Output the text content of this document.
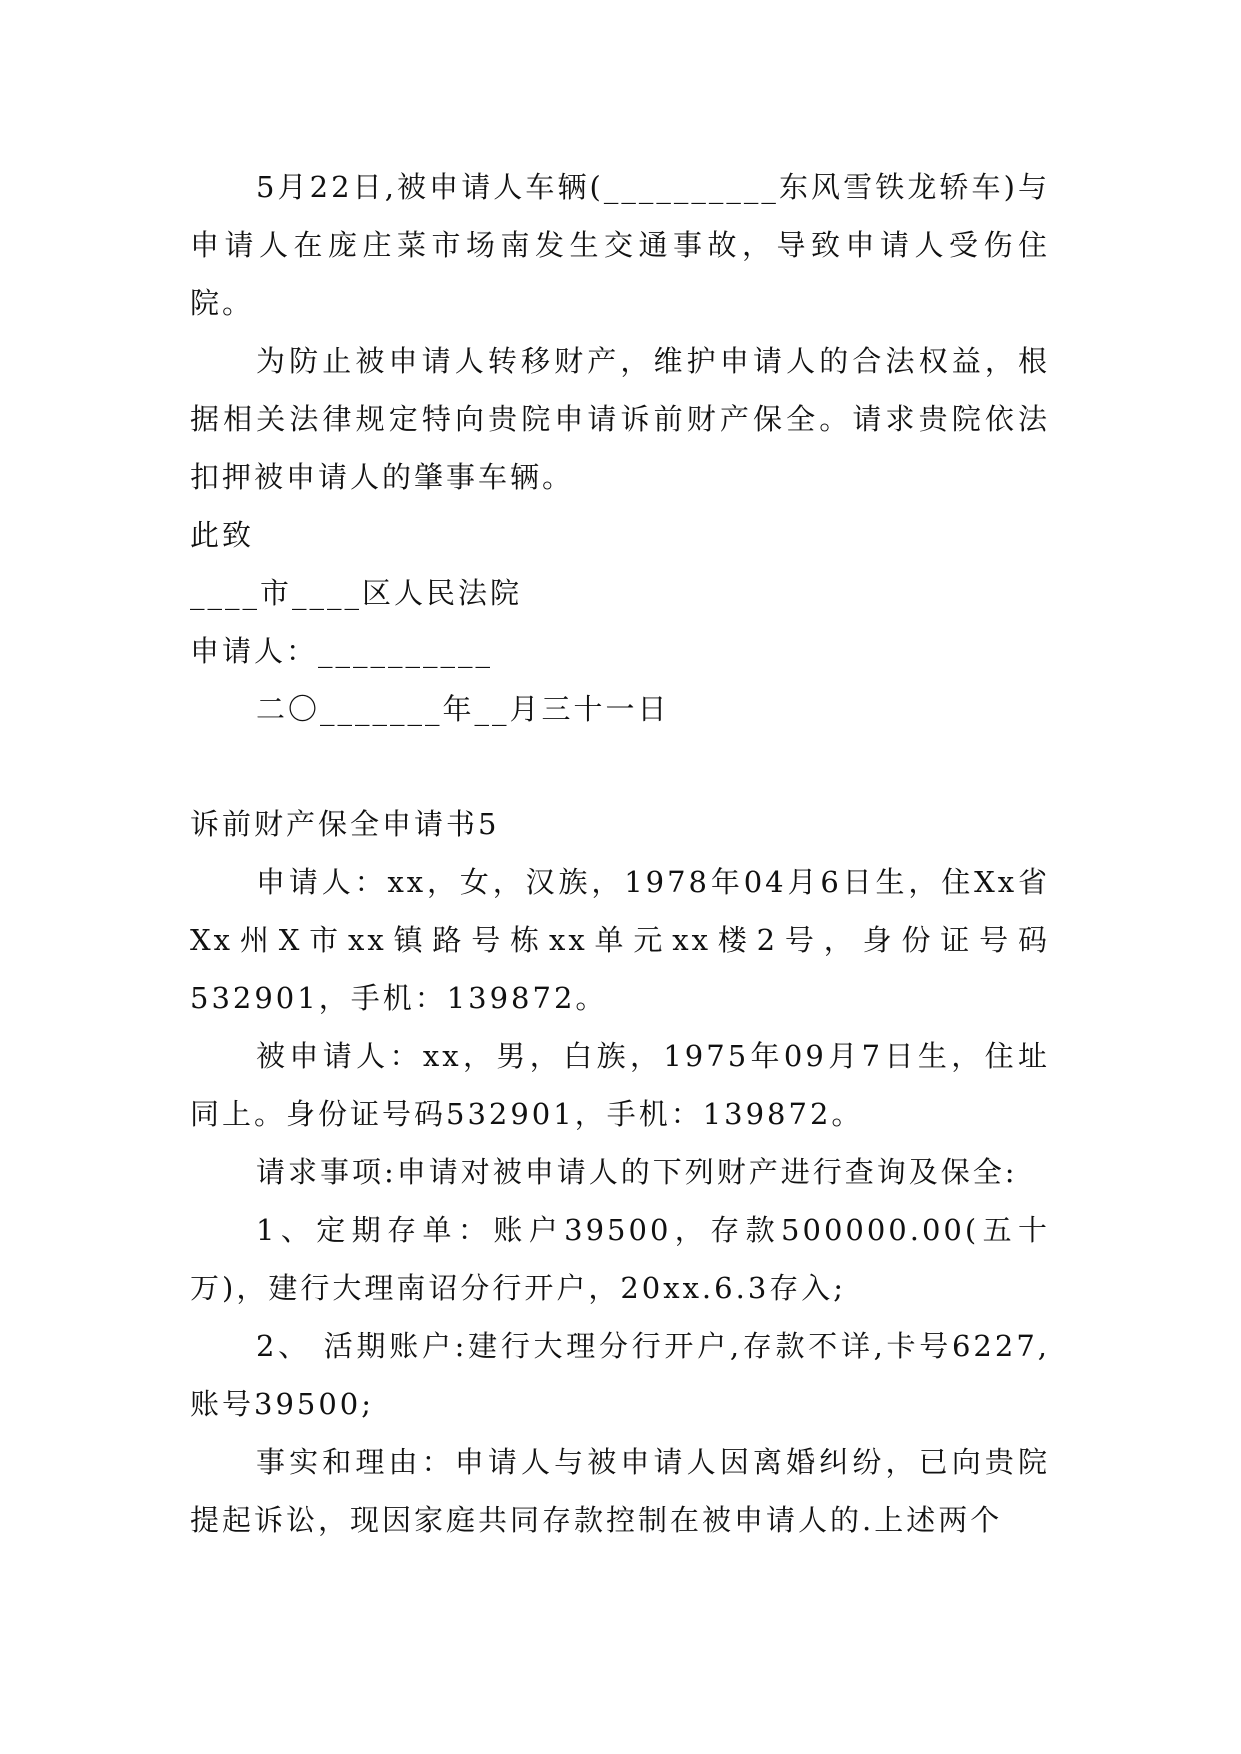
5月22日,被申请人车辆(__________东风雪铁龙轿车)与申请人在庞庄菜市场南发生交通事故，导致申请人受伤住院。

为防止被申请人转移财产，维护申请人的合法权益，根据相关法律规定特向贵院申请诉前财产保全。请求贵院依法扣押被申请人的肇事车辆。

此致

____市____区人民法院

申请人：__________

二〇_______年__月三十一日

诉前财产保全申请书5

申请人：xx，女，汉族，1978年04月6日生，住Xx省Xx州X市xx镇路号栋xx单元xx楼2号，身份证号码532901，手机：139872。

被申请人：xx，男，白族，1975年09月7日生，住址同上。身份证号码532901，手机：139872。

请求事项:申请对被申请人的下列财产进行查询及保全:

1、定期存单：账户39500，存款500000.00(五十万)，建行大理南诏分行开户，20xx.6.3存入;

2、 活期账户:建行大理分行开户,存款不详,卡号6227,账号39500;

事实和理由：申请人与被申请人因离婚纠纷，已向贵院提起诉讼，现因家庭共同存款控制在被申请人的.上述两个
